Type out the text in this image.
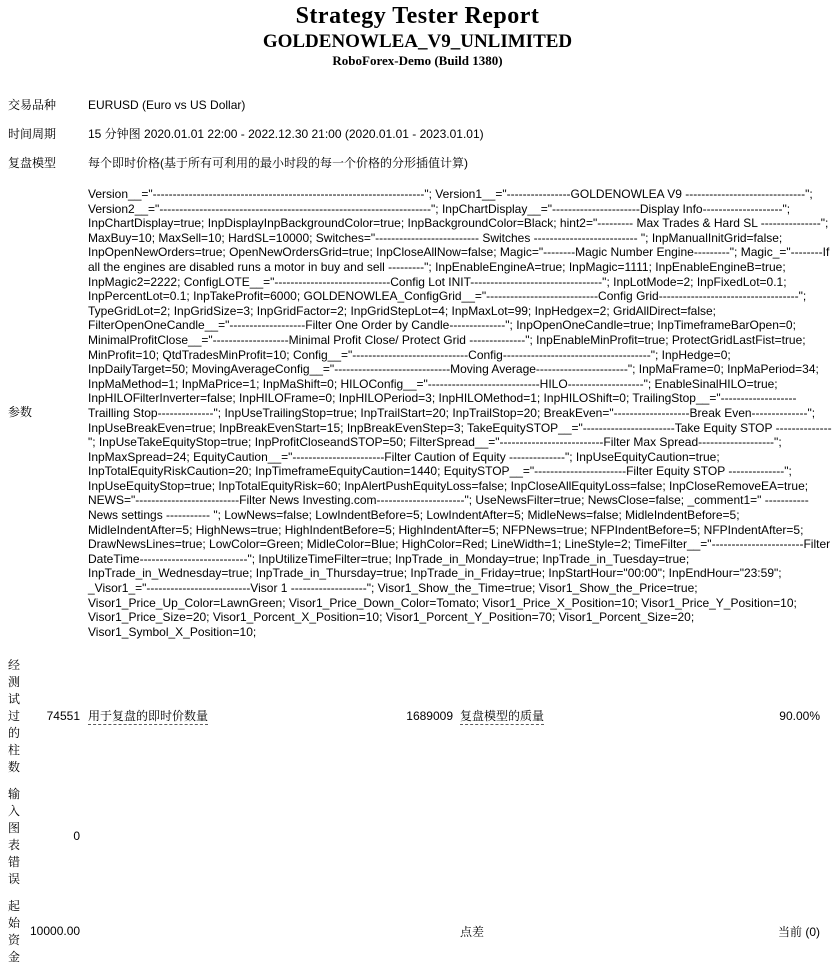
Strategy Tester Report
GOLDENOWLEA_V9_UNLIMITED
RoboForex-Demo (Build 1380)
交易品种	EURUSD (Euro vs US Dollar)
时间周期	15 分钟图 2020.01.01 22:00 - 2022.12.30 21:00 (2020.01.01 - 2023.01.01)
复盘模型	每个即时价格(基于所有可利用的最小时段的每一个价格的分形插值计算)
参数	Version__="--------------------------------------------------------------------"; Version1__="----------------GOLDENOWLEA V9 ------------------------------"; Version2__="--------------------------------------------------------------------"; InpChartDisplay__="----------------------Display Info--------------------"; InpChartDisplay=true; InpDisplayInpBackgroundColor=true; InpBackgroundColor=Black; hint2="--------- Max Trades & Hard SL ---------------"; MaxBuy=10; MaxSell=10; HardSL=10000; Switches="-------------------------- Switches -------------------------- "; InpManualInitGrid=false; InpOpenNewOrders=true; OpenNewOrdersGrid=true; InpCloseAllNow=false; Magic="--------Magic Number Engine---------"; Magic_="--------If all the engines are disabled runs a motor in buy and sell ---------"; InpEnableEngineA=true; InpMagic=1111; InpEnableEngineB=true; InpMagic2=2222; ConfigLOTE__="-----------------------------Config Lot INIT---------------------------------"; InpLotMode=2; InpFixedLot=0.1; InpPercentLot=0.1; InpTakeProfit=6000; GOLDENOWLEA_ConfigGrid__="----------------------------Config Grid-----------------------------------"; TypeGridLot=2; InpGridSize=3; InpGridFactor=2; InpGridStepLot=4; InpMaxLot=99; InpHedgex=2; GridAllDirect=false; FilterOpenOneCandle__="-------------------Filter One Order by Candle--------------"; InpOpenOneCandle=true; InpTimeframeBarOpen=0; MinimalProfitClose__="-------------------Minimal Profit Close/ Protect Grid --------------"; InpEnableMinProfit=true; ProtectGridLastFist=true; MinProfit=10; QtdTradesMinProfit=10; Config__="-----------------------------Config-------------------------------------"; InpHedge=0; InpDailyTarget=50; MovingAverageConfig__="-----------------------------Moving Average-----------------------"; InpMaFrame=0; InpMaPeriod=34; InpMaMethod=1; InpMaPrice=1; InpMaShift=0; HILOConfig__="----------------------------HILO-------------------"; EnableSinalHILO=true; InpHILOFilterInverter=false; InpHILOFrame=0; InpHILOPeriod=3; InpHILOMethod=1; InpHILOShift=0; TrailingStop__="-------------------Trailling Stop--------------"; InpUseTrailingStop=true; InpTrailStart=20; InpTrailStop=20; BreakEven="-------------------Break Even--------------"; InpUseBreakEven=true; InpBreakEvenStart=15; InpBreakEvenStep=3; TakeEquitySTOP__="-----------------------Take Equity STOP --------------"; InpUseTakeEquityStop=true; InpProfitCloseandSTOP=50; FilterSpread__="--------------------------Filter Max Spread-------------------"; InpMaxSpread=24; EquityCaution__="-----------------------Filter Caution of Equity --------------"; InpUseEquityCaution=true; InpTotalEquityRiskCaution=20; InpTimeframeEquityCaution=1440; EquitySTOP__="-----------------------Filter Equity STOP --------------"; InpUseEquityStop=true; InpTotalEquityRisk=60; InpAlertPushEquityLoss=false; InpCloseAllEquityLoss=false; InpCloseRemoveEA=true; NEWS="--------------------------Filter News Investing.com----------------------"; UseNewsFilter=true; NewsClose=false; _comment1=" ----------- News settings ----------- "; LowNews=false; LowIndentBefore=5; LowIndentAfter=5; MidleNews=false; MidleIndentBefore=5; MidleIndentAfter=5; HighNews=true; HighIndentBefore=5; HighIndentAfter=5; NFPNews=true; NFPIndentBefore=5; NFPIndentAfter=5; DrawNewsLines=true; LowColor=Green; MidleColor=Blue; HighColor=Red; LineWidth=1; LineStyle=2; TimeFilter__="-----------------------Filter DateTime---------------------------"; InpUtilizeTimeFilter=true; InpTrade_in_Monday=true; InpTrade_in_Tuesday=true; InpTrade_in_Wednesday=true; InpTrade_in_Thursday=true; InpTrade_in_Friday=true; InpStartHour="00:00"; InpEndHour="23:59"; _Visor1_="--------------------------Visor 1 -------------------"; Visor1_Show_the_Time=true; Visor1_Show_the_Price=true; Visor1_Price_Up_Color=LawnGreen; Visor1_Price_Down_Color=Tomato; Visor1_Price_X_Position=10; Visor1_Price_Y_Position=10; Visor1_Price_Size=20; Visor1_Porcent_X_Position=10; Visor1_Porcent_Y_Position=70; Visor1_Porcent_Size=20; Visor1_Symbol_X_Position=10;
经测试过的柱数	74551	用于复盘的即时价数量	1689009	复盘模型的质量	90.00%
输入图表错误	0				
起始资金	10000.00			点差	当前 (0)
